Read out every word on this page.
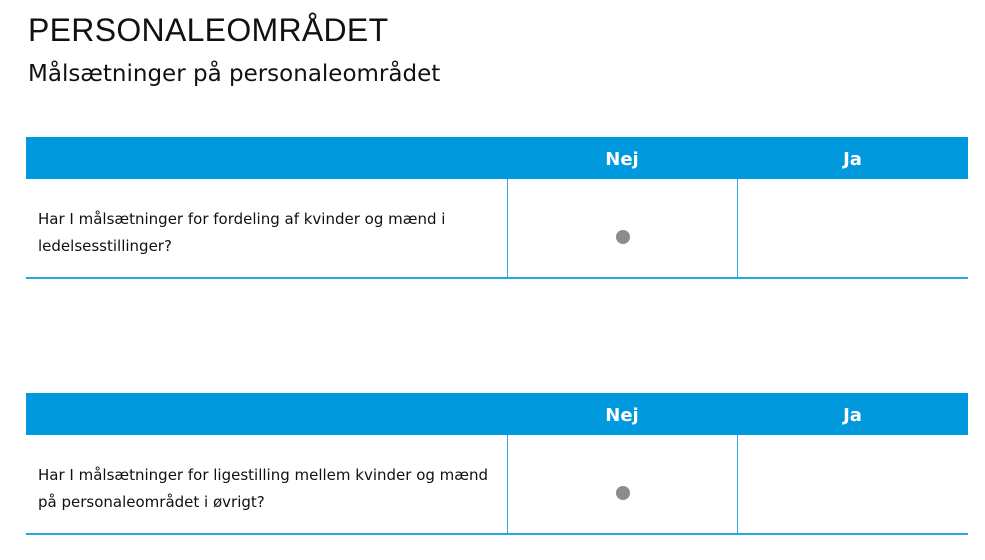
PERSONALEOMRÅDET
Målsætninger på personaleområdet
Nej	Ja
Har I målsætninger for fordeling af kvinder og mænd i ledelsesstillinger?
Nej	Ja
Har I målsætninger for ligestilling mellem kvinder og mænd på personaleområdet i øvrigt?
